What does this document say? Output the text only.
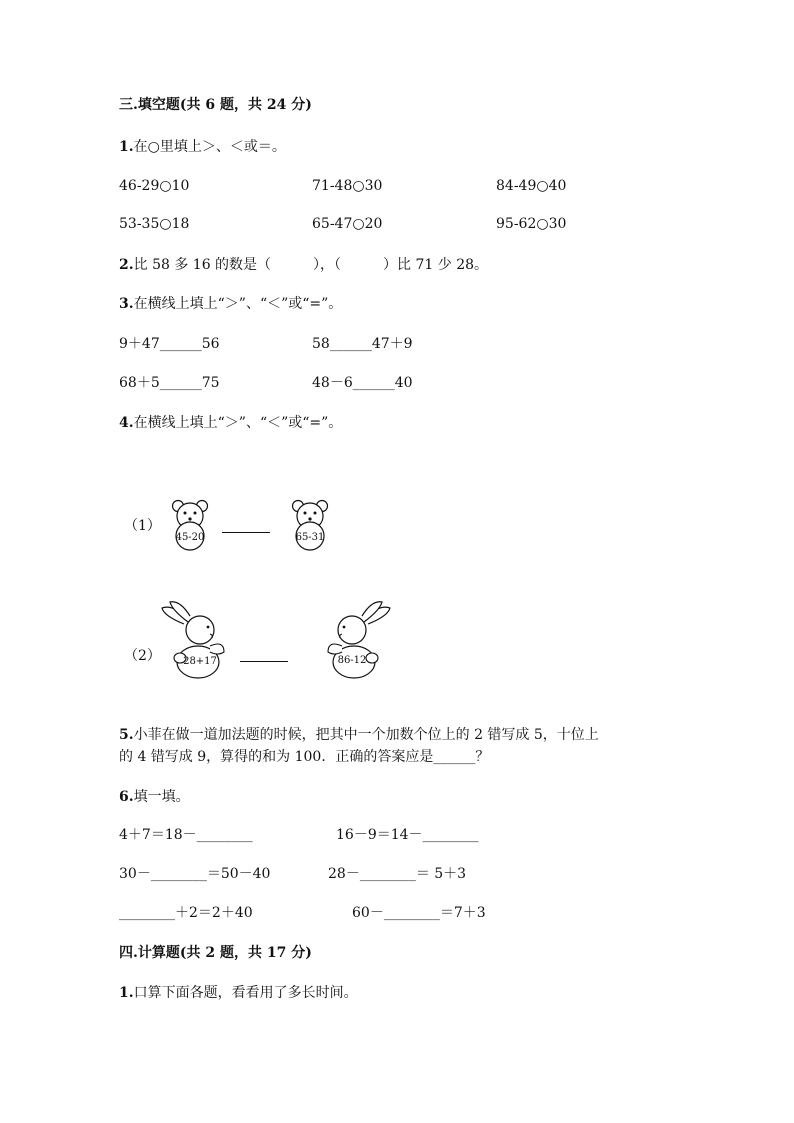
三.填空题(共 6 题，共 24 分)
1.在○里填上＞、＜或＝。
46-29○10	71-48○30	84-49○40
53-35○18	65-47○20	95-62○30
2.比 58 多 16 的数是（　　　），（　　　）比 71 少 28。
3.在横线上填上“＞”、“＜”或“=”。
9＋47______56	58______47＋9
68＋5______75	48－6______40
4.在横线上填上“＞”、“＜”或“=”。
（1）
45-20	65-31
（2） 28+17	86-12
5.小菲在做一道加法题的时候，把其中一个加数个位上的 2 错写成 5，十位上
的 4 错写成 9，算得的和为 100．正确的答案应是______？
6.填一填。
4＋7＝18－________	16－9＝14－________
30－________＝50－40	28－________＝ 5＋3
________＋2＝2＋40	60－________＝7＋3
四.计算题(共 2 题，共 17 分)
1.口算下面各题，看看用了多长时间。
